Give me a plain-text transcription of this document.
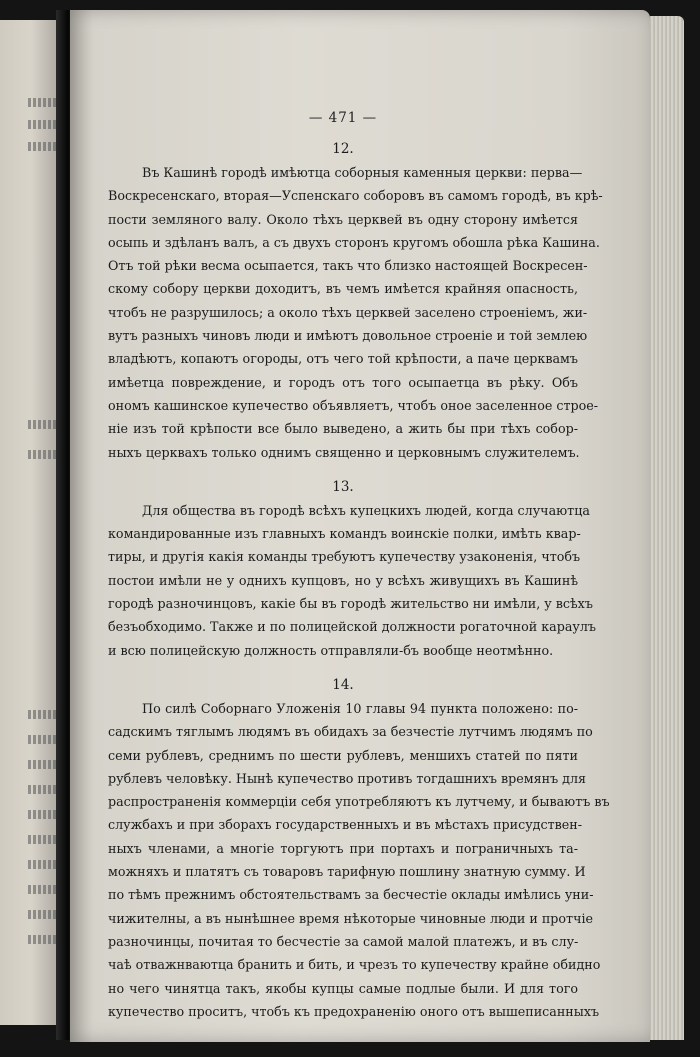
— 471 —

12.

Въ Кашинѣ городѣ имѣютца соборныя каменныя церкви: перва—
Воскресенскаго, вторая—Успенскаго соборовъ въ самомъ городѣ, въ крѣ-
пости земляного валу. Около тѣхъ церквей въ одну сторону имѣется
осыпь и здѣланъ валъ, а съ двухъ сторонъ кругомъ обошла рѣка Кашина.
Отъ той рѣки весма осыпается, такъ что близко настоящей Воскресен-
скому собору церкви доходитъ, въ чемъ имѣется крайняя опасность,
чтобъ не разрушилось; а около тѣхъ церквей заселено строеніемъ, жи-
вутъ разныхъ чиновъ люди и имѣютъ довольное строеніе и той землею
владѣютъ, копаютъ огороды, отъ чего той крѣпости, а паче церквамъ
имѣетца повреждение, и городъ отъ того осыпаетца въ рѣку. Объ
ономъ кашинское купечество объявляетъ, чтобъ оное заселенное строе-
ніе изъ той крѣпости все было выведено, а жить бы при тѣхъ собор-
ныхъ церквахъ только однимъ священно и церковнымъ служителемъ.

13.

Для общества въ городѣ всѣхъ купецкихъ людей, когда случаютца
командированные изъ главныхъ командъ воинскіе полки, имѣть квар-
тиры, и другія какія команды требуютъ купечеству узаконенія, чтобъ
постои имѣли не у однихъ купцовъ, но у всѣхъ живущихъ въ Кашинѣ
городѣ разночинцовъ, какіе бы въ городѣ жительство ни имѣли, у всѣхъ
безъобходимо. Также и по полицейской должности рогаточной караулъ
и всю полицейскую должность отправляли-бъ вообще неотмѣнно.

14.

По силѣ Соборнаго Уложенія 10 главы 94 пункта положено: по-
садскимъ тяглымъ людямъ въ обидахъ за безчестіе лутчимъ людямъ по
семи рублевъ, среднимъ по шести рублевъ, меншихъ статей по пяти
рублевъ человѣку. Нынѣ купечество противъ тогдашнихъ времянъ для
распространенія коммерціи себя употребляютъ къ лутчему, и бываютъ въ
службахъ и при зборахъ государственныхъ и въ мѣстахъ присудствен-
ныхъ членами, а многіе торгуютъ при портахъ и пограничныхъ та-
можняхъ и платятъ съ товаровъ тарифную пошлину знатную сумму. И
по тѣмъ прежнимъ обстоятельствамъ за бесчестіе оклады имѣлись уни-
чижителны, а въ нынѣшнее время нѣкоторые чиновные люди и протчіе
разночинцы, почитая то бесчестіе за самой малой платежъ, и въ слу-
чаѣ отважнваютца бранить и бить, и чрезъ то купечеству крайне обидно
но чего чинятца такъ, якобы купцы самые подлые были. И для того
купечество проситъ, чтобъ къ предохраненію оного отъ вышеписанныхъ
